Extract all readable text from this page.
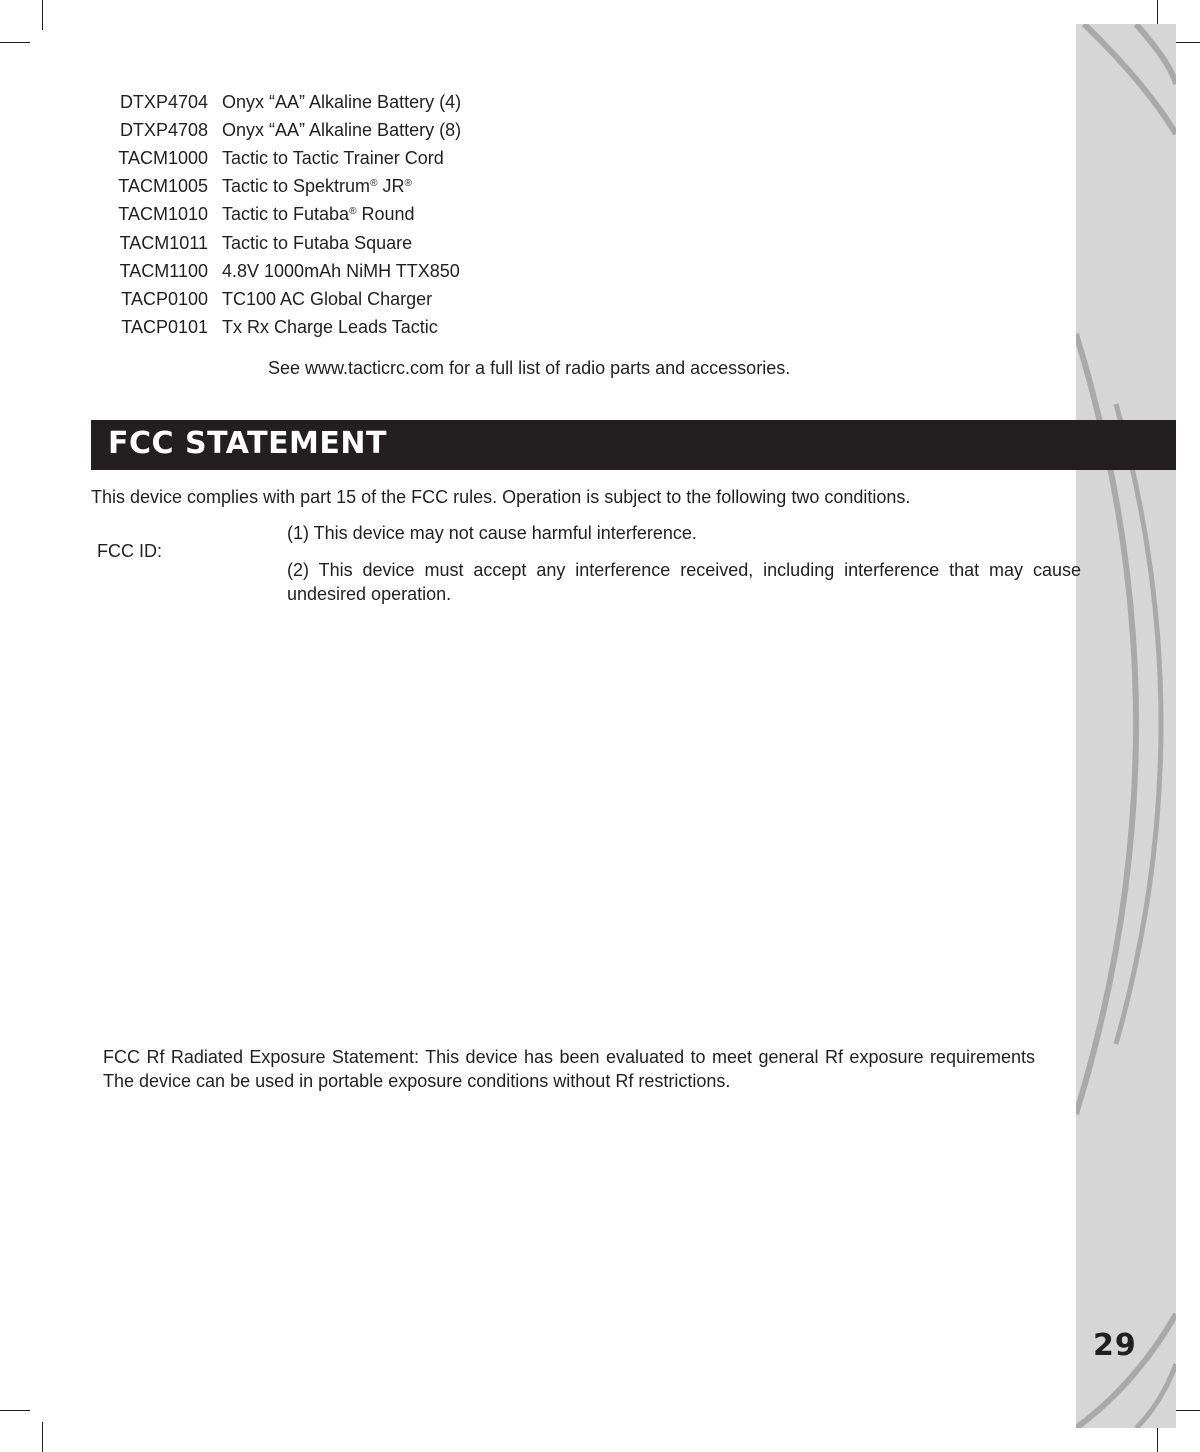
29
DTXP4704 Onyx “AA” Alkaline Battery (4)
DTXP4708 Onyx “AA” Alkaline Battery (8)
TACM1000 Tactic to Tactic Trainer Cord
TACM1005 Tactic to Spektrum® JR®
TACM1010 Tactic to Futaba® Round
TACM1011 Tactic to Futaba Square
TACM1100 4.8V 1000mAh NiMH TTX850
TACP0100 TC100 AC Global Charger
TACP0101 Tx Rx Charge Leads Tactic
See www.tacticrc.com for a full list of radio parts and accessories.
FCC STATEMENT
This device complies with part 15 of the FCC rules. Operation is subject to the following two conditions.
FCC ID:
(1) This device may not cause harmful interference.
(2) This device must accept any interference received, including interference that may cause undesired operation.
FCC Rf Radiated Exposure Statement: This device has been evaluated to meet general Rf exposure requirements The device can be used in portable exposure conditions without Rf restrictions.
